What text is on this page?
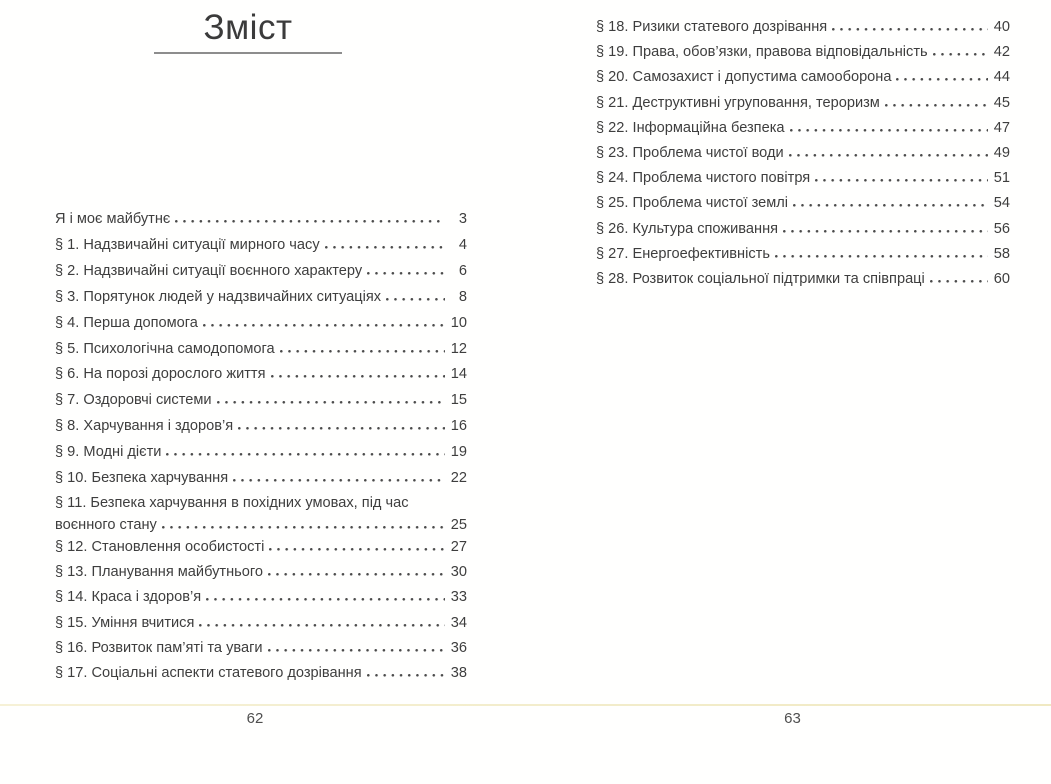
Зміст
Я і моє майбутнє	3
§ 1. Надзвичайні ситуації мирного часу	4
§ 2. Надзвичайні ситуації воєнного характеру	6
§ 3. Порятунок людей у надзвичайних ситуаціях	8
§ 4. Перша допомога	10
§ 5. Психологічна самодопомога	12
§ 6. На порозі дорослого життя	14
§ 7. Оздоровчі системи	15
§ 8. Харчування і здоров’я	16
§ 9. Модні дієти	19
§ 10. Безпека харчування	22
§ 11. Безпека харчування в похідних умовах, під час
воєнного стану	25
§ 12. Становлення особистості	27
§ 13. Планування майбутнього	30
§ 14. Краса і здоров’я	33
§ 15. Уміння вчитися	34
§ 16. Розвиток пам’яті та уваги	36
§ 17. Соціальні аспекти статевого дозрівання	38
§ 18. Ризики статевого дозрівання	40
§ 19. Права, обов’язки, правова відповідальність	42
§ 20. Самозахист і допустима самооборона	44
§ 21. Деструктивні угруповання, тероризм	45
§ 22. Інформаційна безпека	47
§ 23. Проблема чистої води	49
§ 24. Проблема чистого повітря	51
§ 25. Проблема чистої землі	54
§ 26. Культура споживання	56
§ 27. Енергоефективність	58
§ 28. Розвиток соціальної підтримки та співпраці	60
62	63
